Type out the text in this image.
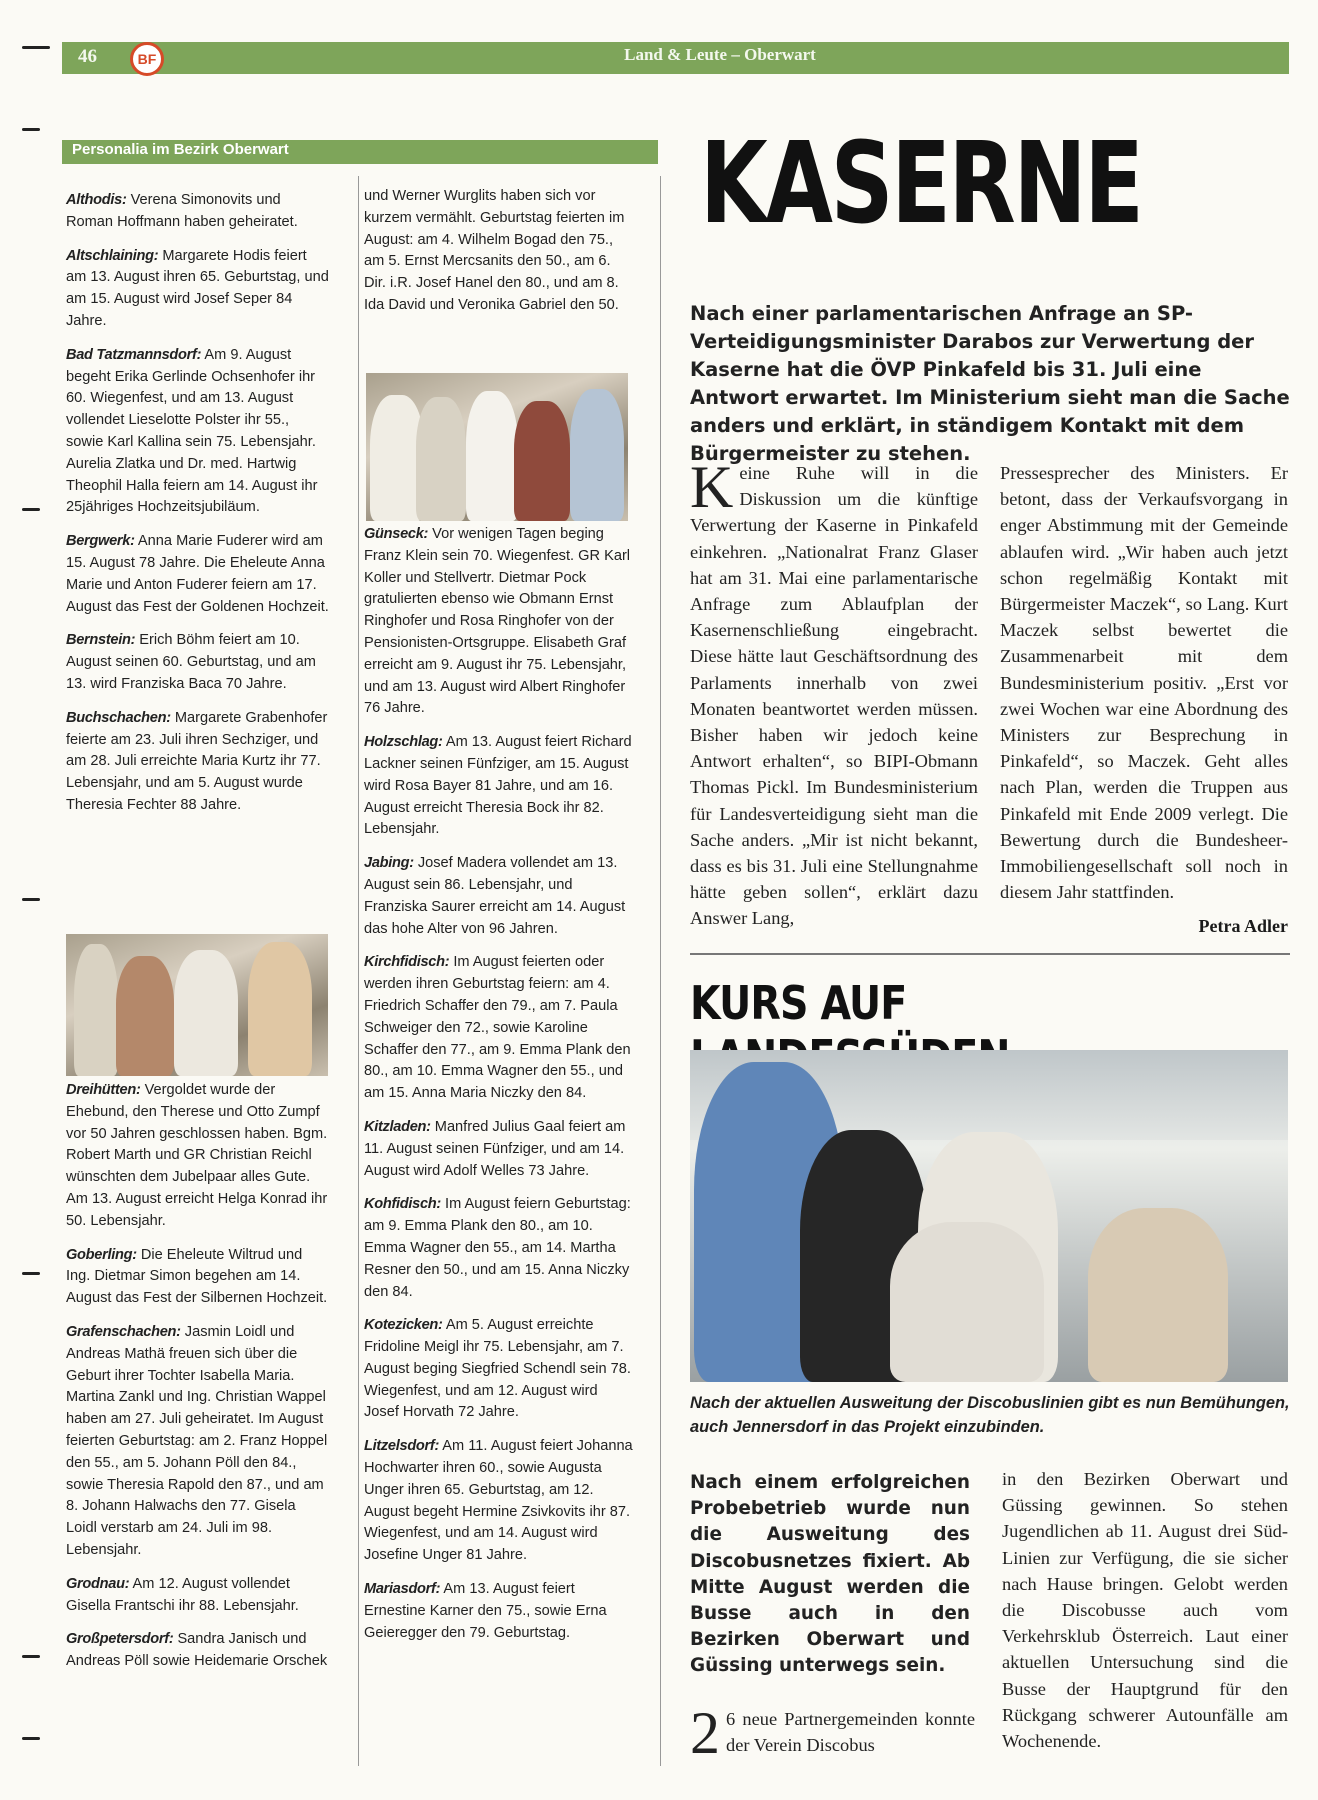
46	BF	Land & Leute – Oberwart
Personalia im Bezirk Oberwart

Althodis: Verena Simonovits und Roman Hoffmann haben geheiratet.

Altschlaining: Margarete Hodis feiert am 13. August ihren 65. Geburtstag, und am 15. August wird Josef Seper 84 Jahre.

Bad Tatzmannsdorf: Am 9. August begeht Erika Gerlinde Ochsenhofer ihr 60. Wiegenfest, und am 13. August vollendet Lieselotte Polster ihr 55., sowie Karl Kallina sein 75. Lebensjahr. Aurelia Zlatka und Dr. med. Hartwig Theophil Halla feiern am 14. August ihr 25jähriges Hochzeitsjubiläum.

Bergwerk: Anna Marie Fuderer wird am 15. August 78 Jahre. Die Eheleute Anna Marie und Anton Fuderer feiern am 17. August das Fest der Goldenen Hochzeit.

Bernstein: Erich Böhm feiert am 10. August seinen 60. Geburtstag, und am 13. wird Franziska Baca 70 Jahre.

Buchschachen: Margarete Grabenhofer feierte am 23. Juli ihren Sechziger, und am 28. Juli erreichte Maria Kurtz ihr 77. Lebensjahr, und am 5. August wurde Theresia Fechter 88 Jahre.

Dreihütten: Vergoldet wurde der Ehebund, den Therese und Otto Zumpf vor 50 Jahren geschlossen haben. Bgm. Robert Marth und GR Christian Reichl wünschten dem Jubelpaar alles Gute. Am 13. August erreicht Helga Konrad ihr 50. Lebensjahr.

Goberling: Die Eheleute Wiltrud und Ing. Dietmar Simon begehen am 14. August das Fest der Silbernen Hochzeit.

Grafenschachen: Jasmin Loidl und Andreas Mathä freuen sich über die Geburt ihrer Tochter Isabella Maria. Martina Zankl und Ing. Christian Wappel haben am 27. Juli geheiratet. Im August feierten Geburtstag: am 2. Franz Hoppel den 55., am 5. Johann Pöll den 84., sowie Theresia Rapold den 87., und am 8. Johann Halwachs den 77. Gisela Loidl verstarb am 24. Juli im 98. Lebensjahr.

Grodnau: Am 12. August vollendet Gisella Frantschi ihr 88. Lebensjahr.

Großpetersdorf: Sandra Janisch und Andreas Pöll sowie Heidemarie Orschek

und Werner Wurglits haben sich vor kurzem vermählt. Geburtstag feierten im August: am 4. Wilhelm Bogad den 75., am 5. Ernst Mercsanits den 50., am 6. Dir. i.R. Josef Hanel den 80., und am 8. Ida David und Veronika Gabriel den 50.

Günseck: Vor wenigen Tagen beging Franz Klein sein 70. Wiegenfest. GR Karl Koller und Stellvertr. Dietmar Pock gratulierten ebenso wie Obmann Ernst Ringhofer und Rosa Ringhofer von der Pensionisten-Ortsgruppe. Elisabeth Graf erreicht am 9. August ihr 75. Lebensjahr, und am 13. August wird Albert Ringhofer 76 Jahre.

Holzschlag: Am 13. August feiert Richard Lackner seinen Fünfziger, am 15. August wird Rosa Bayer 81 Jahre, und am 16. August erreicht Theresia Bock ihr 82. Lebensjahr.

Jabing: Josef Madera vollendet am 13. August sein 86. Lebensjahr, und Franziska Saurer erreicht am 14. August das hohe Alter von 96 Jahren.

Kirchfidisch: Im August feierten oder werden ihren Geburtstag feiern: am 4. Friedrich Schaffer den 79., am 7. Paula Schweiger den 72., sowie Karoline Schaffer den 77., am 9. Emma Plank den 80., am 10. Emma Wagner den 55., und am 15. Anna Maria Niczky den 84.

Kitzladen: Manfred Julius Gaal feiert am 11. August seinen Fünfziger, und am 14. August wird Adolf Welles 73 Jahre.

Kohfidisch: Im August feiern Geburtstag: am 9. Emma Plank den 80., am 10. Emma Wagner den 55., am 14. Martha Resner den 50., und am 15. Anna Niczky den 84.

Kotezicken: Am 5. August erreichte Fridoline Meigl ihr 75. Lebensjahr, am 7. August beging Siegfried Schendl sein 78. Wiegenfest, und am 12. August wird Josef Horvath 72 Jahre.

Litzelsdorf: Am 11. August feiert Johanna Hochwarter ihren 60., sowie Augusta Unger ihren 65. Geburtstag, am 12. August begeht Hermine Zsivkovits ihr 87. Wiegenfest, und am 14. August wird Josefine Unger 81 Jahre.

Mariasdorf: Am 13. August feiert Ernestine Karner den 75., sowie Erna Geieregger den 79. Geburtstag.

KASERNE
Nach einer parlamentarischen Anfrage an SP-Verteidigungsminister Darabos zur Verwertung der Kaserne hat die ÖVP Pinkafeld bis 31. Juli eine Antwort erwartet. Im Ministerium sieht man die Sache anders und erklärt, in ständigem Kontakt mit dem Bürgermeister zu stehen.
K eine Ruhe will in die Diskussion um die künftige Verwertung der Kaserne in Pinkafeld einkehren. „Nationalrat Franz Glaser hat am 31. Mai eine parlamentarische Anfrage zum Ablaufplan der Kasernenschließung eingebracht. Diese hätte laut Geschäftsordnung des Parlaments innerhalb von zwei Monaten beantwortet werden müssen. Bisher haben wir jedoch keine Antwort erhalten“, so BIPI-Obmann Thomas Pickl. Im Bundesministerium für Landesverteidigung sieht man die Sache anders. „Mir ist nicht bekannt, dass es bis 31. Juli eine Stellungnahme hätte geben sollen“, erklärt dazu Answer Lang,
Pressesprecher des Ministers. Er betont, dass der Verkaufsvorgang in enger Abstimmung mit der Gemeinde ablaufen wird. „Wir haben auch jetzt schon regelmäßig Kontakt mit Bürgermeister Maczek“, so Lang. Kurt Maczek selbst bewertet die Zusammenarbeit mit dem Bundesministerium positiv. „Erst vor zwei Wochen war eine Abordnung des Ministers zur Besprechung in Pinkafeld“, so Maczek. Geht alles nach Plan, werden die Truppen aus Pinkafeld mit Ende 2009 verlegt. Die Bewertung durch die Bundesheer-Immobiliengesellschaft soll noch in diesem Jahr stattfinden.
Petra Adler
KURS AUF
Nach der aktuellen Ausweitung der Discobuslinien gibt es nun Bemühungen, auch Jennersdorf in das Projekt einzubinden.
Nach einem erfolgreichen Probebetrieb wurde nun die Ausweitung des Discobusnetzes fixiert. Ab Mitte August werden die Busse auch in den Bezirken Oberwart und Güssing unterwegs sein.
2 6 neue Partnergemeinden konnte der Verein Discobus
in den Bezirken Oberwart und Güssing gewinnen. So stehen Jugendlichen ab 11. August drei Süd-Linien zur Verfügung, die sie sicher nach Hause bringen. Gelobt werden die Discobusse auch vom Verkehrsklub Österreich. Laut einer aktuellen Untersuchung sind die Busse der Hauptgrund für den Rückgang schwerer Autounfälle am Wochenende.
